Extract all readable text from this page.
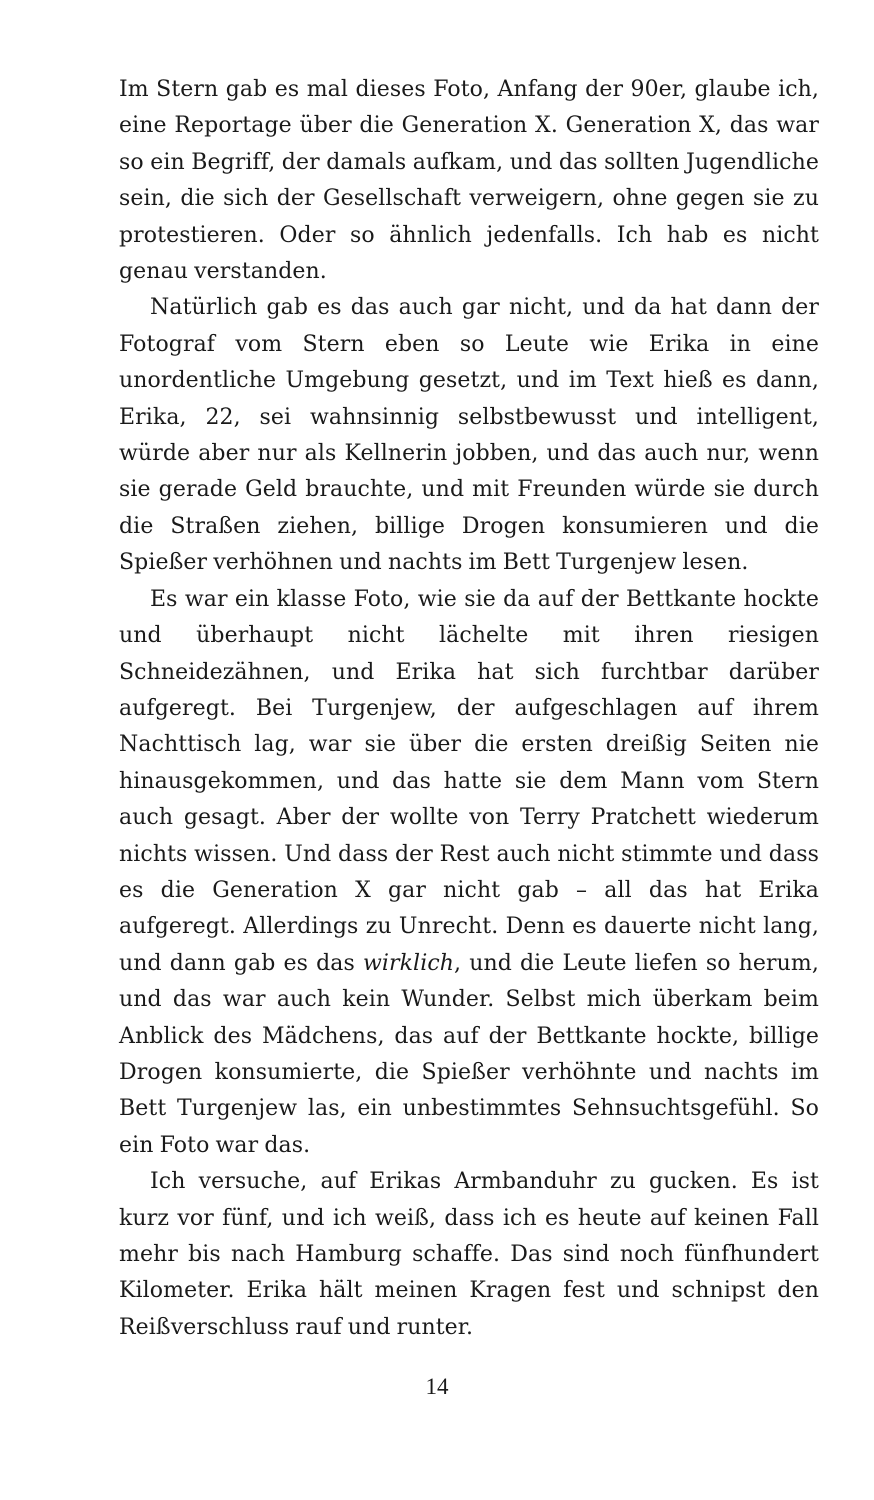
Im Stern gab es mal dieses Foto, Anfang der 90er, glaube ich, eine Reportage über die Generation X. Generation X, das war so ein Begriff, der damals aufkam, und das sollten Jugendliche sein, die sich der Gesellschaft verweigern, ohne gegen sie zu protestieren. Oder so ähnlich jedenfalls. Ich hab es nicht genau verstanden.

Natürlich gab es das auch gar nicht, und da hat dann der Fotograf vom Stern eben so Leute wie Erika in eine unordentliche Umgebung gesetzt, und im Text hieß es dann, Erika, 22, sei wahnsinnig selbstbewusst und intelligent, würde aber nur als Kellnerin jobben, und das auch nur, wenn sie gerade Geld brauchte, und mit Freunden würde sie durch die Straßen ziehen, billige Drogen konsumieren und die Spießer verhöhnen und nachts im Bett Turgenjew lesen.

Es war ein klasse Foto, wie sie da auf der Bettkante hockte und überhaupt nicht lächelte mit ihren riesigen Schneidezähnen, und Erika hat sich furchtbar darüber aufgeregt. Bei Turgenjew, der aufgeschlagen auf ihrem Nachttisch lag, war sie über die ersten dreißig Seiten nie hinausgekommen, und das hatte sie dem Mann vom Stern auch gesagt. Aber der wollte von Terry Pratchett wiederum nichts wissen. Und dass der Rest auch nicht stimmte und dass es die Generation X gar nicht gab – all das hat Erika aufgeregt. Allerdings zu Unrecht. Denn es dauerte nicht lang, und dann gab es das wirklich, und die Leute liefen so herum, und das war auch kein Wunder. Selbst mich überkam beim Anblick des Mädchens, das auf der Bettkante hockte, billige Drogen konsumierte, die Spießer verhöhnte und nachts im Bett Turgenjew las, ein unbestimmtes Sehnsuchtsgefühl. So ein Foto war das.

Ich versuche, auf Erikas Armbanduhr zu gucken. Es ist kurz vor fünf, und ich weiß, dass ich es heute auf keinen Fall mehr bis nach Hamburg schaffe. Das sind noch fünfhundert Kilometer. Erika hält meinen Kragen fest und schnipst den Reißverschluss rauf und runter.

14
